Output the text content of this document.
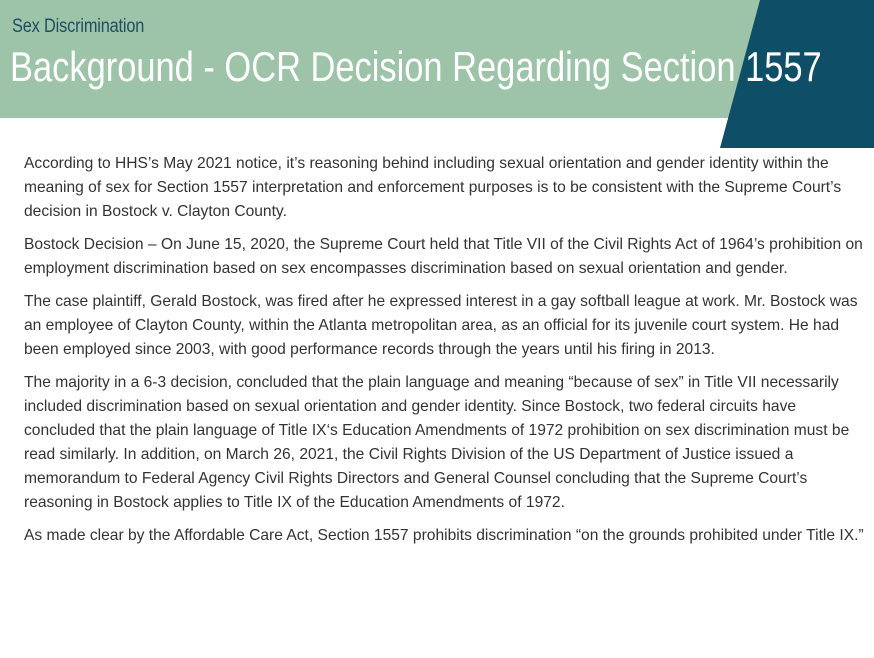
Sex Discrimination
Background - OCR Decision Regarding Section 1557

According to HHS’s May 2021 notice, it’s reasoning behind including sexual orientation and gender identity within the meaning of sex for Section 1557 interpretation and enforcement purposes is to be consistent with the Supreme Court’s decision in Bostock v. Clayton County.

Bostock Decision – On June 15, 2020, the Supreme Court held that Title VII of the Civil Rights Act of 1964’s prohibition on employment discrimination based on sex encompasses discrimination based on sexual orientation and gender.

The case plaintiff, Gerald Bostock, was fired after he expressed interest in a gay softball league at work. Mr. Bostock was an employee of Clayton County, within the Atlanta metropolitan area, as an official for its juvenile court system. He had been employed since 2003, with good performance records through the years until his firing in 2013.

The majority in a 6-3 decision, concluded that the plain language and meaning “because of sex” in Title VII necessarily included discrimination based on sexual orientation and gender identity. Since Bostock, two federal circuits have concluded that the plain language of Title IX‘s Education Amendments of 1972 prohibition on sex discrimination must be read similarly. In addition, on March 26, 2021, the Civil Rights Division of the US Department of Justice issued a memorandum to Federal Agency Civil Rights Directors and General Counsel concluding that the Supreme Court’s reasoning in Bostock applies to Title IX of the Education Amendments of 1972.

As made clear by the Affordable Care Act, Section 1557 prohibits discrimination “on the grounds prohibited under Title IX.”
